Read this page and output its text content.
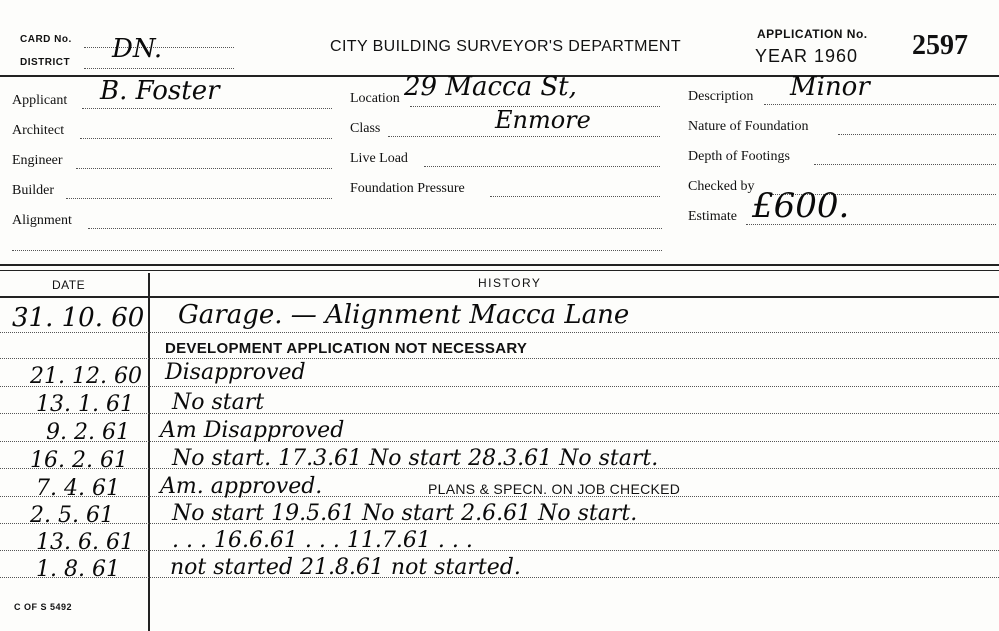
CARD No.
DISTRICT DN.	CITY BUILDING SURVEYOR'S DEPARTMENT
APPLICATION No.
YEAR 1960 2597
Applicant B. Foster
Architect
Engineer
Builder
Alignment
Location 29 Macca St,
Class	Enmore
Live Load
Foundation Pressure
Description Minor
Nature of Foundation
Depth of Footings
Checked by
Estimate £600.
DATE	HISTORY
31. 10. 60 Garage. — Alignment Macca Lane
DEVELOPMENT APPLICATION NOT NECESSARY
21. 12. 60 Disapproved
13. 1. 61 No start
9. 2. 61 Am Disapproved
16. 2. 61 No start. 17.3.61 No start 28.3.61 No start.
7. 4. 61 Am. approved.	PLANS & SPECN. ON JOB CHECKED
2. 5. 61	No start 19.5.61 No start 2.6.61 No start.
13. 6. 61 . . . 16.6.61 . . . 11.7.61 . . .
1. 8. 61 not started 21.8.61 not started.
C OF S 5492
